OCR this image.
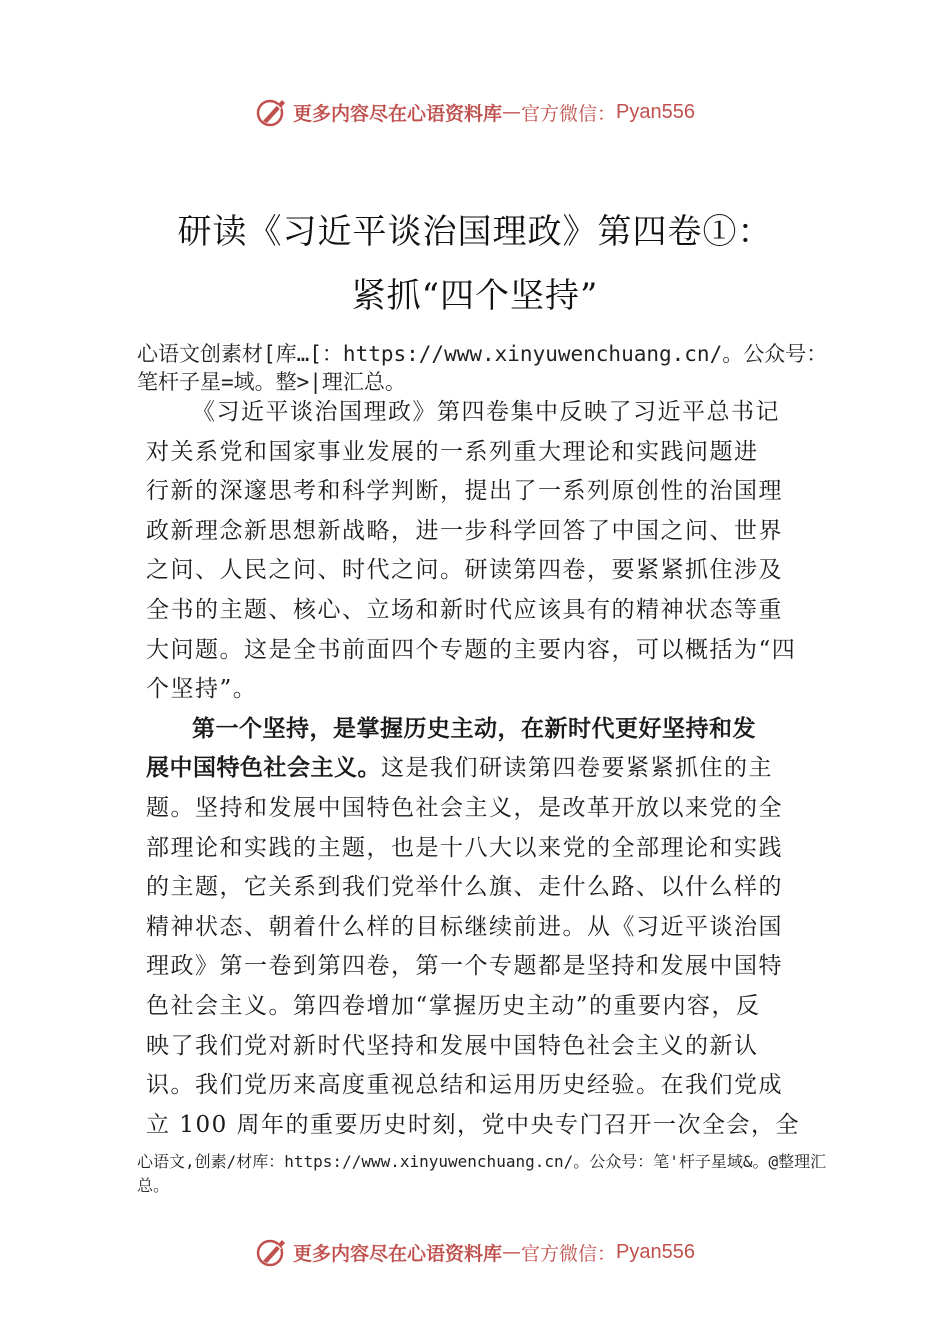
更多内容尽在心语资料库 — 官方微信： Pyan556
研读《习近平谈治国理政》第四卷①：
紧抓“四个坚持”
心语文创素材[库…[：https://www.xinyuwenchuang.cn/。公众号：笔杆子星=域。整>|理汇总。
《习近平谈治国理政》第四卷集中反映了习近平总书记
对关系党和国家事业发展的一系列重大理论和实践问题进
行新的深邃思考和科学判断，提出了一系列原创性的治国理
政新理念新思想新战略，进一步科学回答了中国之问、世界
之问、人民之问、时代之问。研读第四卷，要紧紧抓住涉及
全书的主题、核心、立场和新时代应该具有的精神状态等重
大问题。这是全书前面四个专题的主要内容，可以概括为“四
个坚持”。
第一个坚持，是掌握历史主动，在新时代更好坚持和发
展中国特色社会主义。这是我们研读第四卷要紧紧抓住的主
题。坚持和发展中国特色社会主义，是改革开放以来党的全
部理论和实践的主题，也是十八大以来党的全部理论和实践
的主题，它关系到我们党举什么旗、走什么路、以什么样的
精神状态、朝着什么样的目标继续前进。从《习近平谈治国
理政》第一卷到第四卷，第一个专题都是坚持和发展中国特
色社会主义。第四卷增加“掌握历史主动”的重要内容，反
映了我们党对新时代坚持和发展中国特色社会主义的新认
识。我们党历来高度重视总结和运用历史经验。在我们党成
立 100 周年的重要历史时刻，党中央专门召开一次全会，全
心语文,创素/材库：https://www.xinyuwenchuang.cn/。公众号：笔'杆子星域&。@整理汇总。
更多内容尽在心语资料库 — 官方微信： Pyan556
